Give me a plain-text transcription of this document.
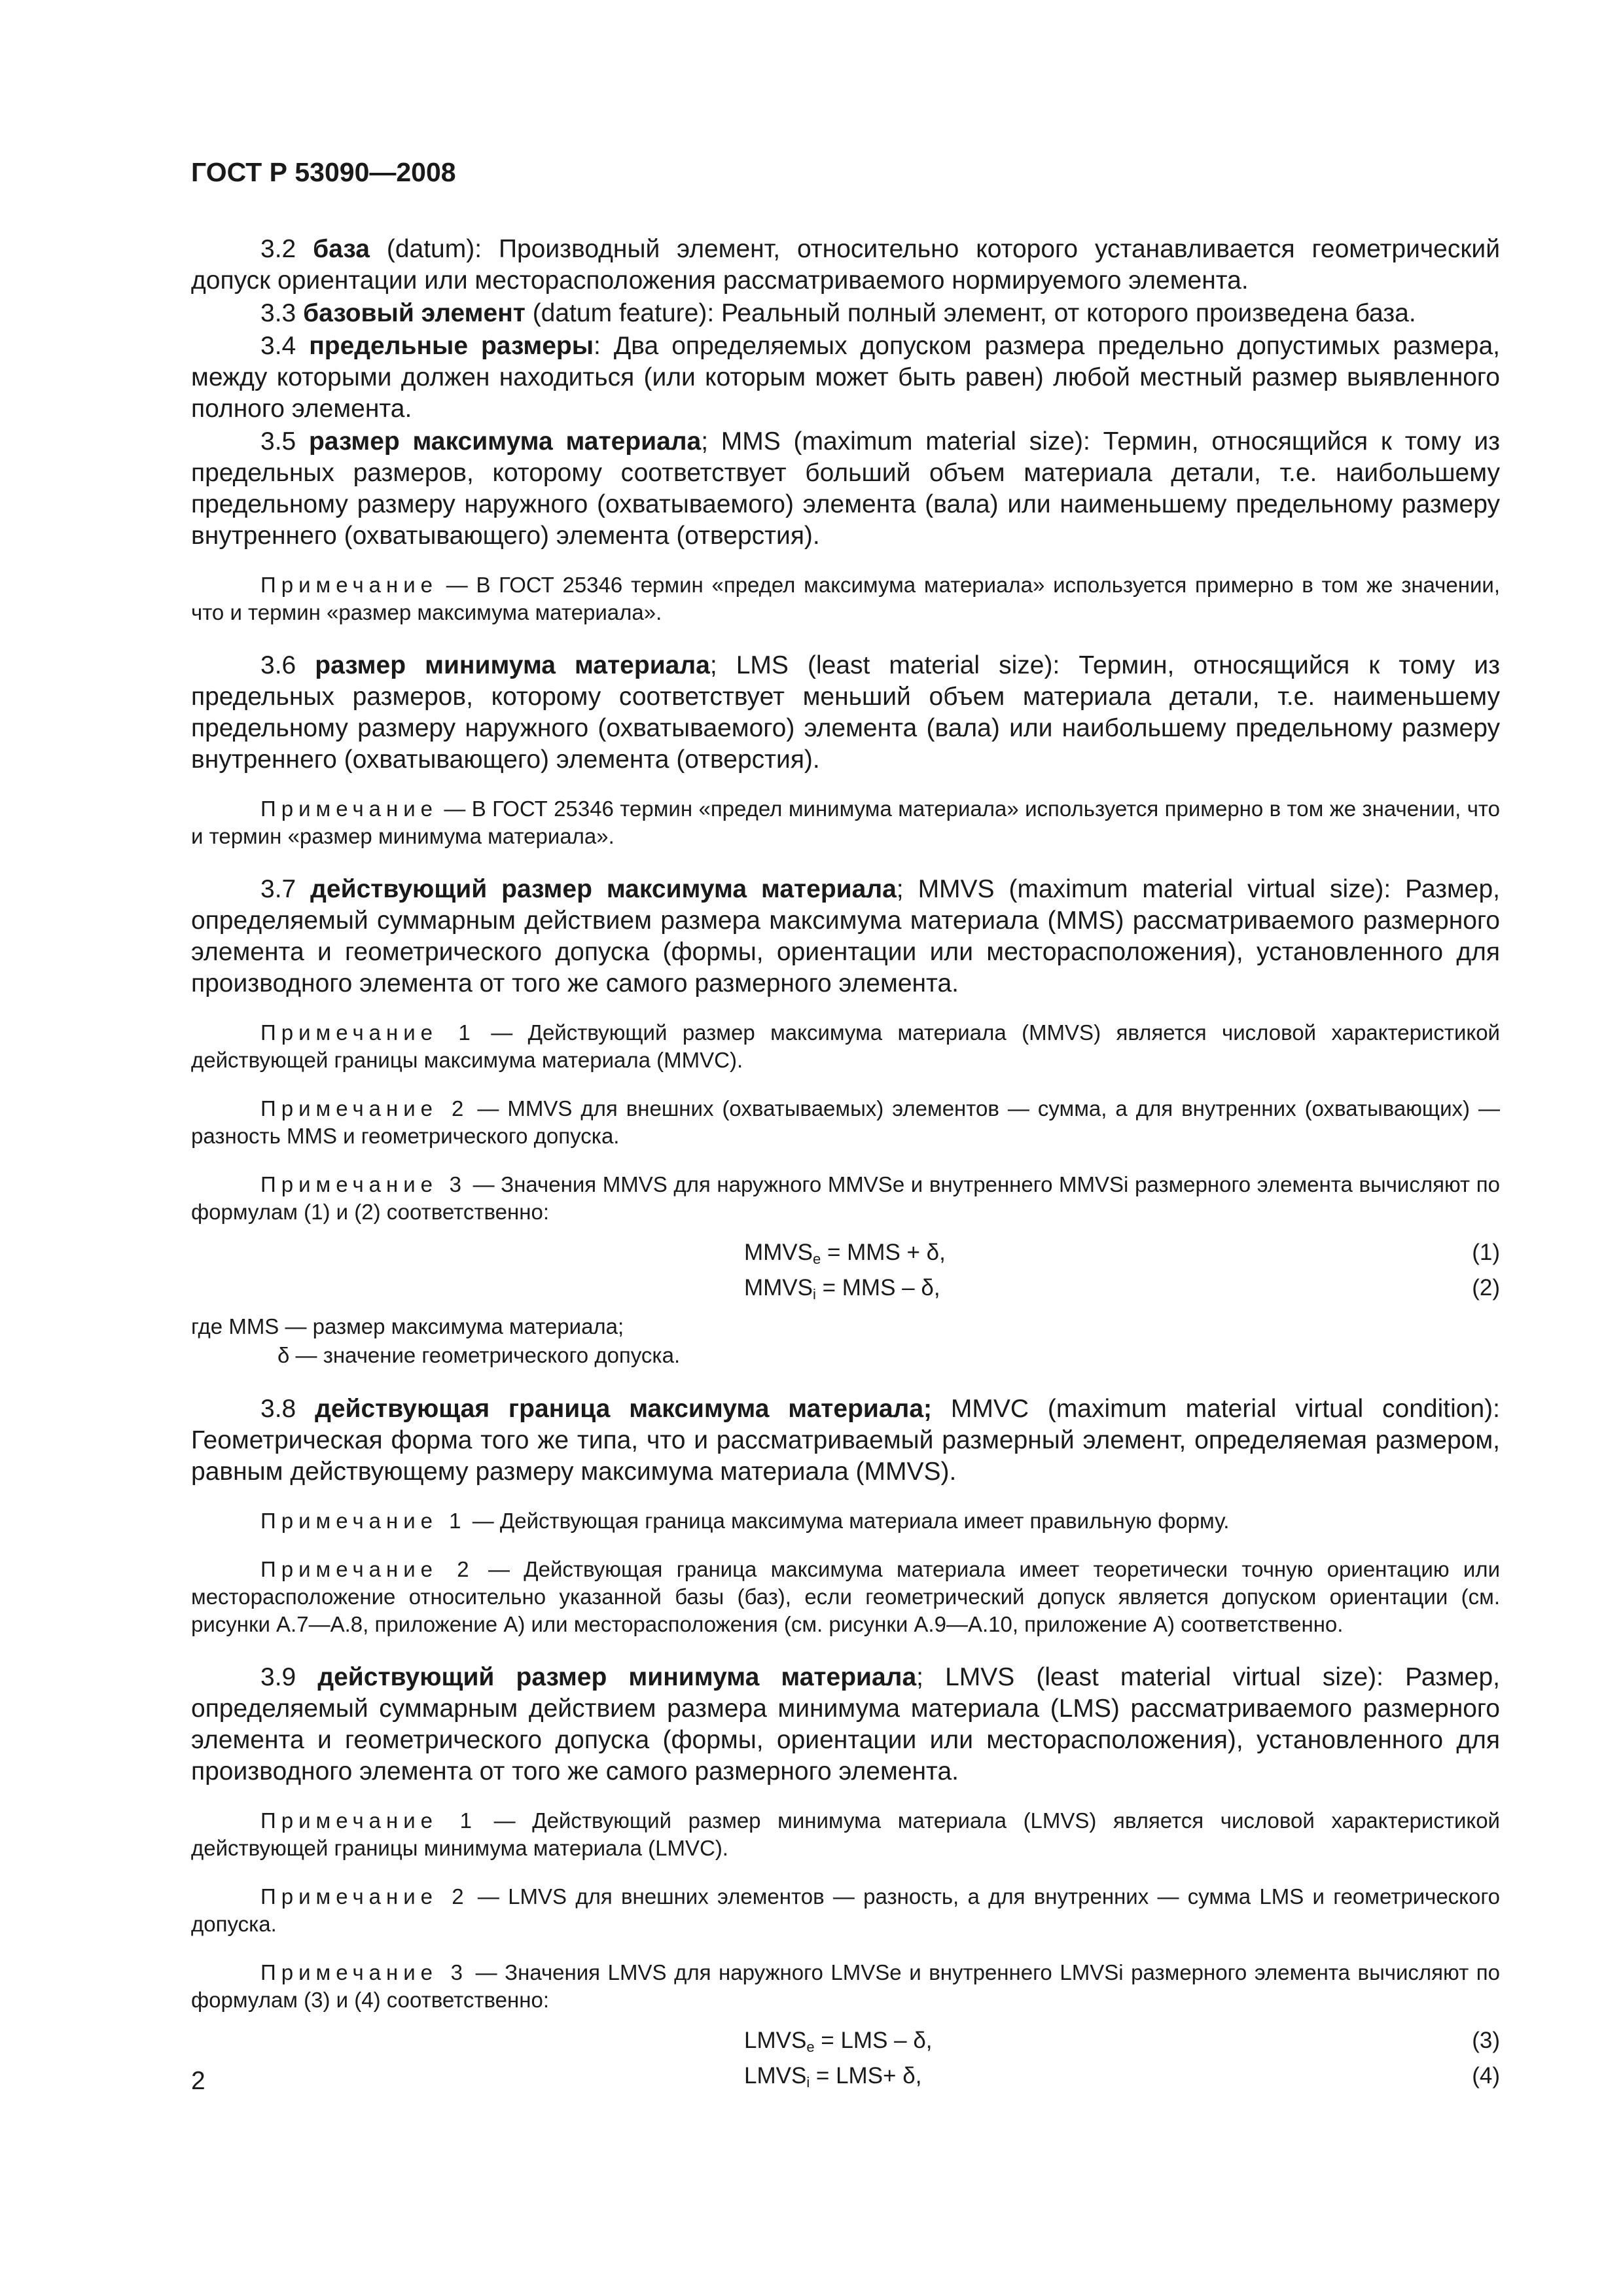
ГОСТ Р 53090—2008

3.2 база (datum): Производный элемент, относительно которого устанавливается геометрический допуск ориентации или месторасположения рассматриваемого нормируемого элемента.

3.3 базовый элемент (datum feature): Реальный полный элемент, от которого произведена база.

3.4 предельные размеры: Два определяемых допуском размера предельно допустимых размера, между которыми должен находиться (или которым может быть равен) любой местный размер выявленного полного элемента.

3.5 размер максимума материала; MMS (maximum material size): Термин, относящийся к тому из предельных размеров, которому соответствует больший объем материала детали, т.е. наибольшему предельному размеру наружного (охватываемого) элемента (вала) или наименьшему предельному размеру внутреннего (охватывающего) элемента (отверстия).

Примечание — В ГОСТ 25346 термин «предел максимума материала» используется примерно в том же значении, что и термин «размер максимума материала».

3.6 размер минимума материала; LMS (least material size): Термин, относящийся к тому из предельных размеров, которому соответствует меньший объем материала детали, т.е. наименьшему предельному размеру наружного (охватываемого) элемента (вала) или наибольшему предельному размеру внутреннего (охватывающего) элемента (отверстия).

Примечание — В ГОСТ 25346 термин «предел минимума материала» используется примерно в том же значении, что и термин «размер минимума материала».

3.7 действующий размер максимума материала; MMVS (maximum material virtual size): Размер, определяемый суммарным действием размера максимума материала (MMS) рассматриваемого размерного элемента и геометрического допуска (формы, ориентации или месторасположения), установленного для производного элемента от того же самого размерного элемента.

Примечание 1 — Действующий размер максимума материала (MMVS) является числовой характеристикой действующей границы максимума материала (MMVC).

Примечание 2 — MMVS для внешних (охватываемых) элементов — сумма, а для внутренних (охватывающих) — разность MMS и геометрического допуска.

Примечание 3 — Значения MMVS для наружного MMVSe и внутреннего MMVSi размерного элемента вычисляют по формулам (1) и (2) соответственно:

$MMVS_e$ = MMS + δ,	(1)
$MMVS_i$ = MMS – δ,	(2)
где MMS — размер максимума материала;
δ — значение геометрического допуска.

3.8 действующая граница максимума материала; MMVC (maximum material virtual condition): Геометрическая форма того же типа, что и рассматриваемый размерный элемент, определяемая размером, равным действующему размеру максимума материала (MMVS).

Примечание 1 — Действующая граница максимума материала имеет правильную форму.

Примечание 2 — Действующая граница максимума материала имеет теоретически точную ориентацию или месторасположение относительно указанной базы (баз), если геометрический допуск является допуском ориентации (см. рисунки А.7—А.8, приложение А) или месторасположения (см. рисунки А.9—А.10, приложение А) соответственно.

3.9 действующий размер минимума материала; LMVS (least material virtual size): Размер, определяемый суммарным действием размера минимума материала (LMS) рассматриваемого размерного элемента и геометрического допуска (формы, ориентации или месторасположения), установленного для производного элемента от того же самого размерного элемента.

Примечание 1 — Действующий размер минимума материала (LMVS) является числовой характеристикой действующей границы минимума материала (LMVC).

Примечание 2 — LMVS для внешних элементов — разность, а для внутренних — сумма LMS и геометрического допуска.

Примечание 3 — Значения LMVS для наружного LMVSe и внутреннего LMVSi размерного элемента вычисляют по формулам (3) и (4) соответственно:

$LMVS_e$ = LMS – δ,	(3)
$LMVS_i = LMS+ \delta$,	(4)
2
